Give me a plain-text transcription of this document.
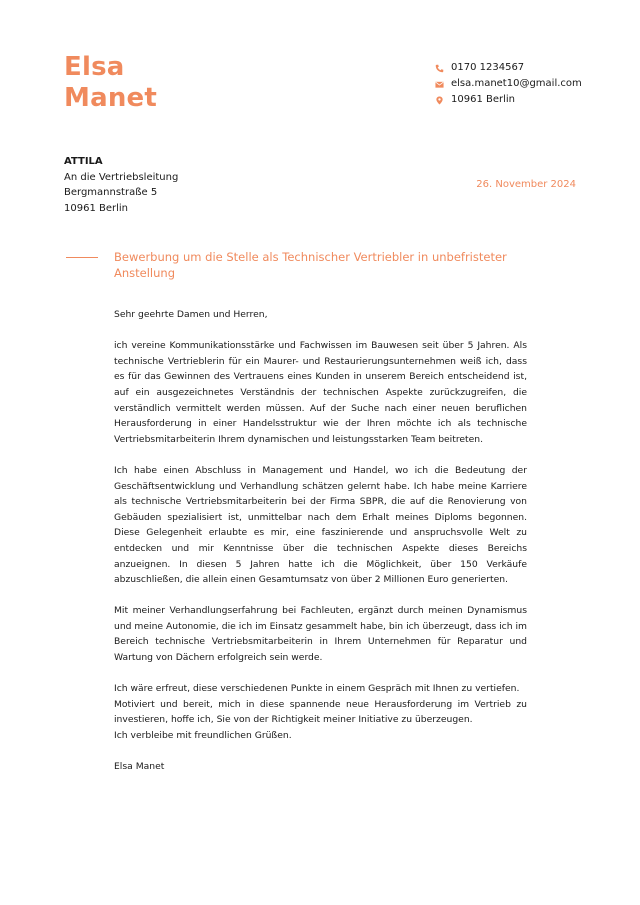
Elsa
Manet
0170 1234567
elsa.manet10@gmail.com
10961 Berlin
ATTILA
An die Vertriebsleitung
Bergmannstraße 5
10961 Berlin
26. November 2024
Bewerbung um die Stelle als Technischer Vertriebler in unbefristeter Anstellung

Sehr geehrte Damen und Herren,

ich vereine Kommunikationsstärke und Fachwissen im Bauwesen seit über 5 Jahren. Als technische Vertrieblerin für ein Maurer- und Restaurierungsunternehmen weiß ich, dass es für das Gewinnen des Vertrauens eines Kunden in unserem Bereich entscheidend ist, auf ein ausgezeichnetes Verständnis der technischen Aspekte zurückzugreifen, die verständlich vermittelt werden müssen. Auf der Suche nach einer neuen beruflichen Herausforderung in einer Handelsstruktur wie der Ihren möchte ich als technische Vertriebsmitarbeiterin Ihrem dynamischen und leistungsstarken Team beitreten.

Ich habe einen Abschluss in Management und Handel, wo ich die Bedeutung der Geschäftsentwicklung und Verhandlung schätzen gelernt habe. Ich habe meine Karriere als technische Vertriebsmitarbeiterin bei der Firma SBPR, die auf die Renovierung von Gebäuden spezialisiert ist, unmittelbar nach dem Erhalt meines Diploms begonnen. Diese Gelegenheit erlaubte es mir, eine faszinierende und anspruchsvolle Welt zu entdecken und mir Kenntnisse über die technischen Aspekte dieses Bereichs anzueignen. In diesen 5 Jahren hatte ich die Möglichkeit, über 150 Verkäufe abzuschließen, die allein einen Gesamtumsatz von über 2 Millionen Euro generierten.

Mit meiner Verhandlungserfahrung bei Fachleuten, ergänzt durch meinen Dynamismus und meine Autonomie, die ich im Einsatz gesammelt habe, bin ich überzeugt, dass ich im Bereich technische Vertriebsmitarbeiterin in Ihrem Unternehmen für Reparatur und Wartung von Dächern erfolgreich sein werde.

Ich wäre erfreut, diese verschiedenen Punkte in einem Gespräch mit Ihnen zu vertiefen.
Motiviert und bereit, mich in diese spannende neue Herausforderung im Vertrieb zu investieren, hoffe ich, Sie von der Richtigkeit meiner Initiative zu überzeugen.
Ich verbleibe mit freundlichen Grüßen.

Elsa Manet
